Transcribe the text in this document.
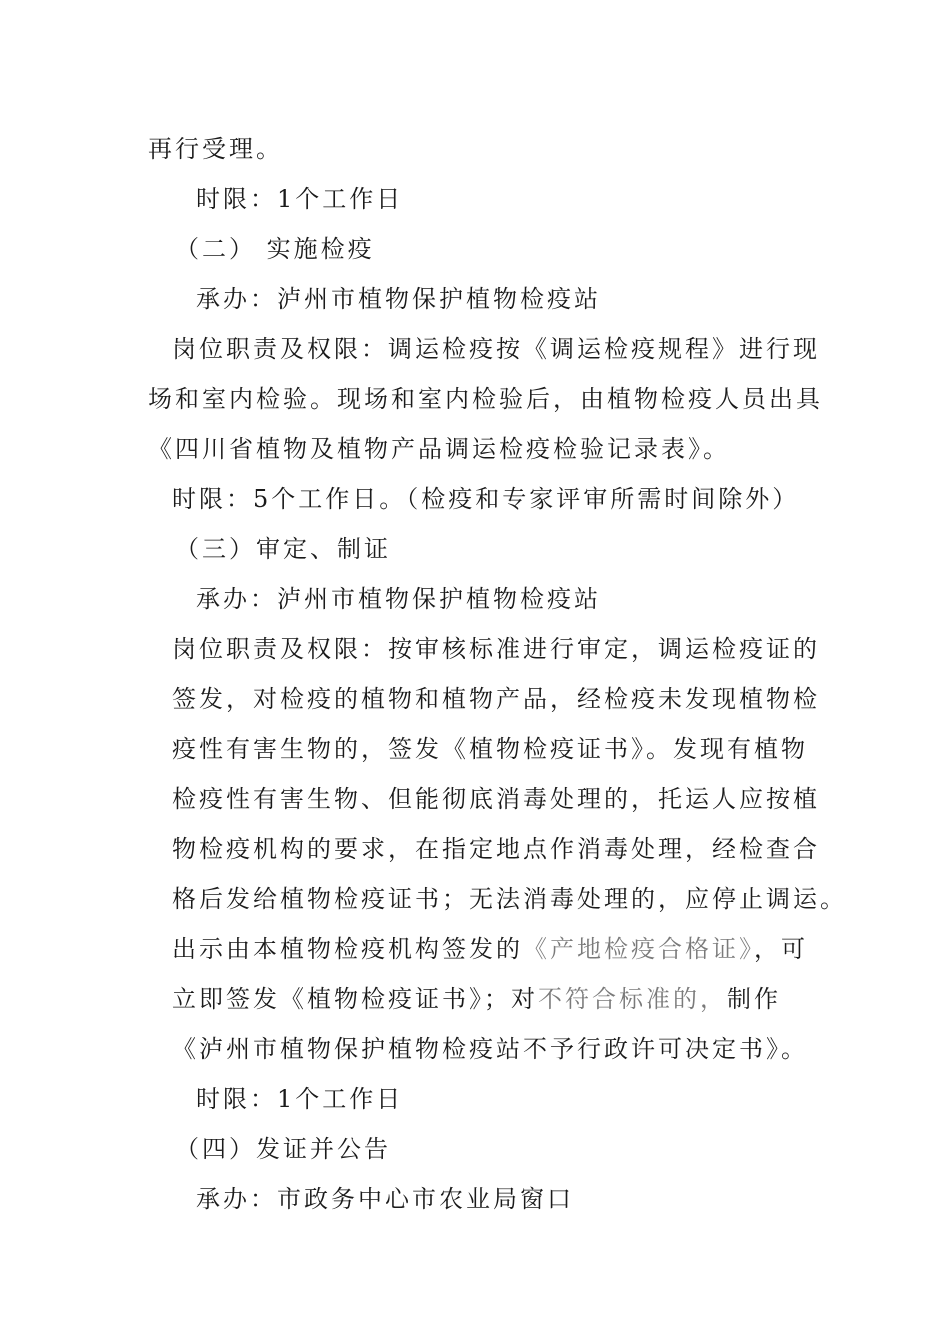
再行受理。
时限：1个工作日
（二） 实施检疫
承办：泸州市植物保护植物检疫站
岗位职责及权限：调运检疫按《调运检疫规程》进行现
场和室内检验。现场和室内检验后，由植物检疫人员出具
《四川省植物及植物产品调运检疫检验记录表》。
时限：5个工作日。（检疫和专家评审所需时间除外）
（三）审定、制证
承办：泸州市植物保护植物检疫站
岗位职责及权限：按审核标准进行审定，调运检疫证的
签发，对检疫的植物和植物产品，经检疫未发现植物检
疫性有害生物的，签发《植物检疫证书》。发现有植物
检疫性有害生物、但能彻底消毒处理的，托运人应按植
物检疫机构的要求，在指定地点作消毒处理，经检查合
格后发给植物检疫证书；无法消毒处理的，应停止调运。
出示由本植物检疫机构签发的《产地检疫合格证》，可
立即签发《植物检疫证书》；对不符合标准的，制作
《泸州市植物保护植物检疫站不予行政许可决定书》。
时限：1个工作日
（四）发证并公告
承办：市政务中心市农业局窗口
